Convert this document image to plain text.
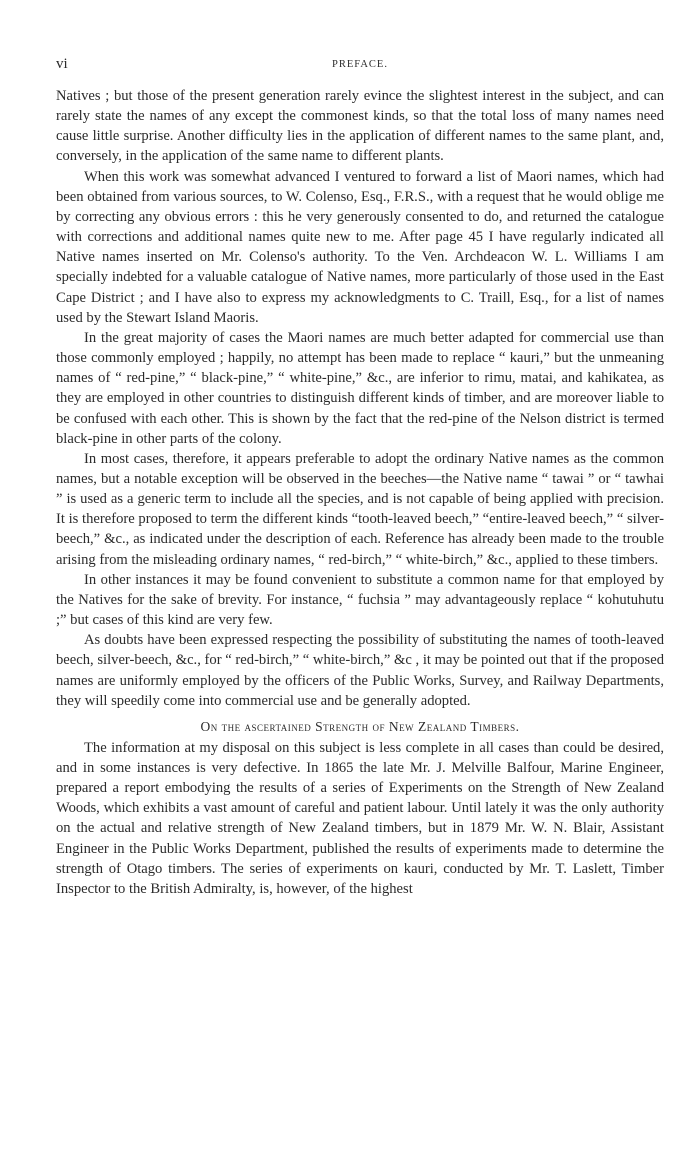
vi	PREFACE.

Natives ; but those of the present generation rarely evince the slightest interest in the subject, and can rarely state the names of any except the commonest kinds, so that the total loss of many names need cause little surprise. Another difficulty lies in the application of different names to the same plant, and, conversely, in the application of the same name to different plants.

When this work was somewhat advanced I ventured to forward a list of Maori names, which had been obtained from various sources, to W. Colenso, Esq., F.R.S., with a request that he would oblige me by correcting any obvious errors : this he very generously consented to do, and returned the catalogue with corrections and additional names quite new to me. After page 45 I have regularly indicated all Native names inserted on Mr. Colenso's authority. To the Ven. Archdeacon W. L. Williams I am specially indebted for a valuable catalogue of Native names, more particularly of those used in the East Cape District ; and I have also to express my acknowledgments to C. Traill, Esq., for a list of names used by the Stewart Island Maoris.

In the great majority of cases the Maori names are much better adapted for commercial use than those commonly employed ; happily, no attempt has been made to replace “ kauri,” but the unmeaning names of “ red-pine,” “ black-pine,” “ white-pine,” &c., are inferior to rimu, matai, and kahikatea, as they are employed in other countries to distinguish different kinds of timber, and are moreover liable to be confused with each other. This is shown by the fact that the red-pine of the Nelson district is termed black-pine in other parts of the colony.

In most cases, therefore, it appears preferable to adopt the ordinary Native names as the common names, but a notable exception will be observed in the beeches—the Native name “ tawai ” or “ tawhai ” is used as a generic term to include all the species, and is not capable of being applied with precision. It is therefore proposed to term the different kinds “tooth-leaved beech,” “entire-leaved beech,” “ silver-beech,” &c., as indicated under the description of each. Reference has already been made to the trouble arising from the misleading ordinary names, “ red-birch,” “ white-birch,” &c., applied to these timbers.

In other instances it may be found convenient to substitute a common name for that employed by the Natives for the sake of brevity. For instance, “ fuchsia ” may advantageously replace “ kohutuhutu ;” but cases of this kind are very few.

As doubts have been expressed respecting the possibility of substituting the names of tooth-leaved beech, silver-beech, &c., for “ red-birch,” “ white-birch,” &c , it may be pointed out that if the proposed names are uniformly employed by the officers of the Public Works, Survey, and Railway Departments, they will speedily come into commercial use and be generally adopted.

On the ascertained Strength of New Zealand Timbers.

The information at my disposal on this subject is less complete in all cases than could be desired, and in some instances is very defective. In 1865 the late Mr. J. Melville Balfour, Marine Engineer, prepared a report embodying the results of a series of Experiments on the Strength of New Zealand Woods, which exhibits a vast amount of careful and patient labour. Until lately it was the only authority on the actual and relative strength of New Zealand timbers, but in 1879 Mr. W. N. Blair, Assistant Engineer in the Public Works Department, published the results of experiments made to determine the strength of Otago timbers. The series of experiments on kauri, conducted by Mr. T. Laslett, Timber Inspector to the British Admiralty, is, however, of the highest
